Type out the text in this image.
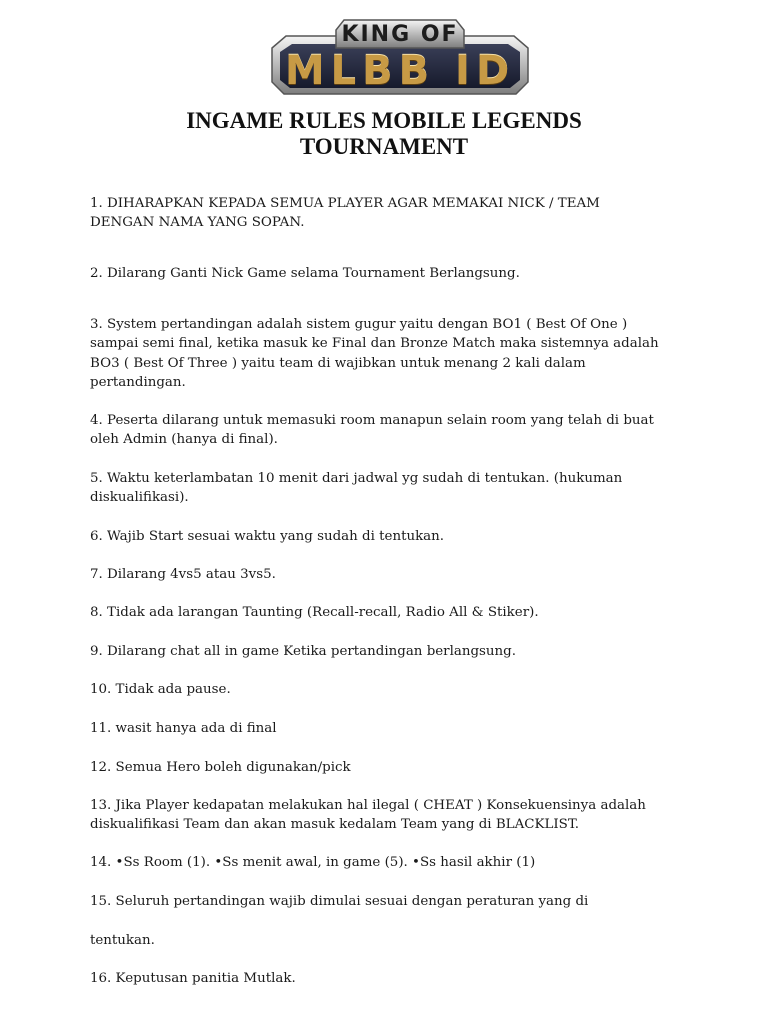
KING OF
MLBB ID
INGAME RULES MOBILE LEGENDS
TOURNAMENT
1. DIHARAPKAN KEPADA SEMUA PLAYER AGAR MEMAKAI NICK / TEAM DENGAN NAMA YANG SOPAN.
2. Dilarang Ganti Nick Game selama Tournament Berlangsung.
3. System pertandingan adalah sistem gugur yaitu dengan BO1 ( Best Of One ) sampai semi final, ketika masuk ke Final dan Bronze Match maka sistemnya adalah BO3 ( Best Of Three ) yaitu team di wajibkan untuk menang 2 kali dalam pertandingan.
4. Peserta dilarang untuk memasuki room manapun selain room yang telah di buat oleh Admin (hanya di final).
5. Waktu keterlambatan 10 menit dari jadwal yg sudah di tentukan. (hukuman diskualifikasi).
6. Wajib Start sesuai waktu yang sudah di tentukan.
7. Dilarang 4vs5 atau 3vs5.
8. Tidak ada larangan Taunting (Recall-recall, Radio All & Stiker).
9. Dilarang chat all in game Ketika pertandingan berlangsung.
10. Tidak ada pause.
11. wasit hanya ada di final
12. Semua Hero boleh digunakan/pick
13. Jika Player kedapatan melakukan hal ilegal ( CHEAT ) Konsekuensinya adalah diskualifikasi Team dan akan masuk kedalam Team yang di BLACKLIST.
14. •Ss Room (1). •Ss menit awal, in game (5). •Ss hasil akhir (1)
15. Seluruh pertandingan wajib dimulai sesuai dengan peraturan yang di
tentukan.
16. Keputusan panitia Mutlak.
